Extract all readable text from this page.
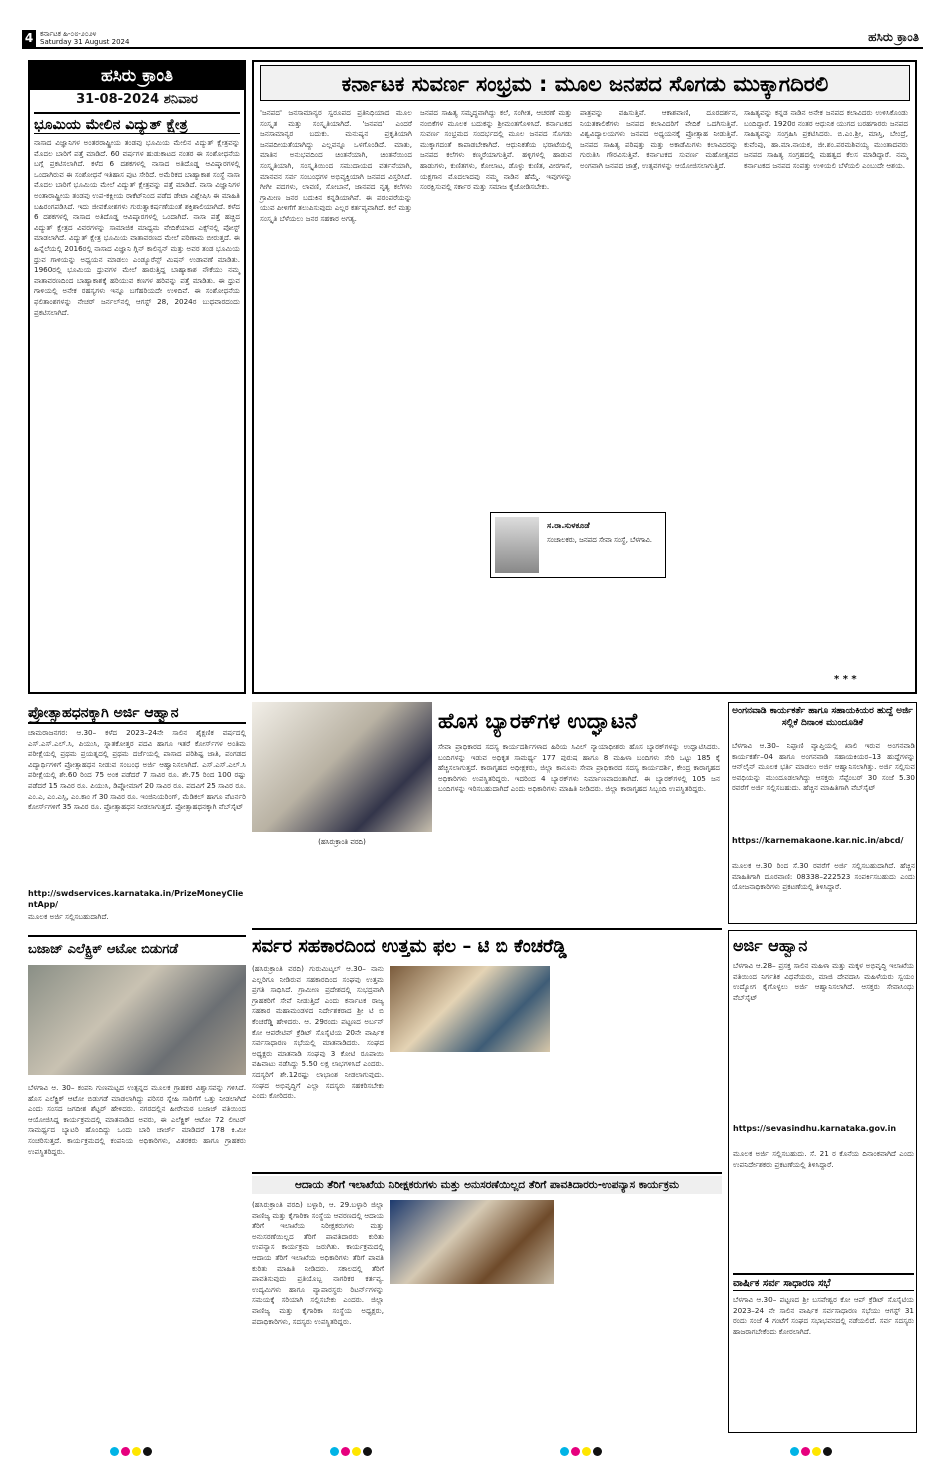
4 ಕರ್ನಾಟಕ ಹಿ-೦೮-೨೦೨೪
Saturday 31 August 2024	ಹಸಿರು ಕ್ರಾಂತಿ
ಹಸಿರು ಕ್ರಾಂತಿ
31-08-2024 ಶನಿವಾರ
ಭೂಮಿಯ ಮೇಲಿನ ವಿದ್ಯುತ್ ಕ್ಷೇತ್ರ
ನಾಸಾದ ವಿಜ್ಞಾನಿಗಳ ಅಂತರರಾಷ್ಟ್ರೀಯ ತಂಡವು ಭೂಮಿಯ ಮೇಲಿನ ವಿದ್ಯುತ್ ಕ್ಷೇತ್ರವನ್ನು ಮೊದಲ ಬಾರಿಗೆ ಪತ್ತೆ ಮಾಡಿದೆ. 60 ವರ್ಷಗಳ ಹುಡುಕಾಟದ ನಂತರ ಈ ಸಂಶೋಧನೆಯ ಬಗ್ಗೆ ಪ್ರಕಟಿಸಲಾಗಿದೆ. ಕಳೆದ 6 ದಶಕಗಳಲ್ಲಿ ನಾಸಾದ ಅತಿದೊಡ್ಡ ಆವಿಷ್ಕಾರಗಳಲ್ಲಿ ಒಂದಾಗಿರುವ ಈ ಸಂಶೋಧನೆ ಇತಿಹಾಸ ಪುಟ ಸೇರಿದೆ. ಅಮೆರಿಕದ ಬಾಹ್ಯಾಕಾಶ ಸಂಸ್ಥೆ ನಾಸಾ ಮೊದಲ ಬಾರಿಗೆ ಭೂಮಿಯ ಮೇಲೆ ವಿದ್ಯುತ್ ಕ್ಷೇತ್ರವನ್ನು ಪತ್ತೆ ಮಾಡಿದೆ. ನಾಸಾ ವಿಜ್ಞಾನಿಗಳ ಅಂತಾರಾಷ್ಟ್ರೀಯ ತಂಡವು ಉಪ-ಕಕ್ಷೀಯ ರಾಕೆಟ್‌ನಿಂದ ಪಡೆದ ಡೇಟಾ ವಿಶ್ಲೇಷಿಸಿ ಈ ಮಾಹಿತಿ ಬಹಿರಂಗಪಡಿಸಿದೆ. ಇದು ಜೀವಕೋಶಗಳು ಗುರುತ್ವಾಕರ್ಷಣೆಯಂತೆ ಶಕ್ತಿಶಾಲಿಯಾಗಿದೆ. ಕಳೆದ 6 ದಶಕಗಳಲ್ಲಿ ನಾಸಾದ ಅತಿದೊಡ್ಡ ಆವಿಷ್ಕಾರಗಳಲ್ಲಿ ಒಂದಾಗಿದೆ. ನಾಸಾ ಪತ್ತೆ ಹಚ್ಚಿದ ವಿದ್ಯುತ್ ಕ್ಷೇತ್ರದ ವಿವರಗಳನ್ನು ಸಾಮಾಜಿಕ ಮಾಧ್ಯಮ ವೇದಿಕೆಯಾದ ಎಕ್ಸ್‌ನಲ್ಲಿ ಪೋಸ್ಟ್ ಮಾಡಲಾಗಿದೆ. ವಿದ್ಯುತ್ ಕ್ಷೇತ್ರ ಭೂಮಿಯ ವಾತಾವರಣದ ಮೇಲೆ ಪರಿಣಾಮ ಬೀರುತ್ತದೆ. ಈ ಹಿನ್ನೆಲೆಯಲ್ಲಿ 2016ರಲ್ಲಿ ನಾಸಾದ ವಿಜ್ಞಾನಿ ಗ್ಲಿನ್ ಕಾಲಿನ್ಸನ್ ಮತ್ತು ಅವರ ತಂಡ ಭೂಮಿಯ ಧ್ರುವ ಗಾಳಿಯನ್ನು ಅಧ್ಯಯನ ಮಾಡಲು ಎಂಡ್ಯೂರೆನ್ಸ್ ಮಿಷನ್ ಉಡಾವಣೆ ಮಾಡಿತು. 1960ರಲ್ಲಿ ಭೂಮಿಯ ಧ್ರುವಗಳ ಮೇಲೆ ಹಾರುತ್ತಿದ್ದ ಬಾಹ್ಯಾಕಾಶ ನೌಕೆಯು ನಮ್ಮ ವಾತಾವರಣದಿಂದ ಬಾಹ್ಯಾಕಾಶಕ್ಕೆ ಹರಿಯುವ ಕಣಗಳ ಹರಿವನ್ನು ಪತ್ತೆ ಮಾಡಿತು. ಈ ಧ್ರುವ ಗಾಳಿಯಲ್ಲಿ ಅನೇಕ ರಹಸ್ಯಗಳು ಇನ್ನೂ ಬಗೆಹರಿಯದೇ ಉಳಿದಿವೆ. ಈ ಸಂಶೋಧನೆಯ ಫಲಿತಾಂಶಗಳನ್ನು ನೇಚರ್ ಜರ್ನಲ್‌ನಲ್ಲಿ ಆಗಸ್ಟ್ 28, 2024ರ ಬುಧವಾರದಂದು ಪ್ರಕಟಿಸಲಾಗಿದೆ.
ಕರ್ನಾಟಕ ಸುವರ್ಣ ಸಂಭ್ರಮ : ಮೂಲ ಜನಪದ ಸೊಗಡು ಮುಕ್ಕಾಗದಿರಲಿ
'ಜನಪದ' ಜನಸಾಮಾನ್ಯರ ಸ್ವರೂಪದ ಪ್ರತಿನಿಧಿಯಾದ ಮೂಲ ಸಂಸ್ಕೃತ ಮತ್ತು ಸಂಸ್ಕೃತಿಯಾಗಿದೆ. 'ಜನಪದ' ಎಂದರೆ ಜನಸಾಮಾನ್ಯರ ಬದುಕು. ಮನುಷ್ಯನ ಪ್ರಕೃತಿಯಾಗಿ ಜನಪದೀಯತೆಯಾಗಿದ್ದು ಎಲ್ಲವನ್ನೂ ಒಳಗೊಂಡಿದೆ. ಮಾತು, ಮಾತಿನ ಅನುಭವದಿಂದ ಚಿಂತನೆಯಾಗಿ, ಚಿಂತನೆಯಿಂದ ಸಂಸ್ಕೃತಿಯಾಗಿ, ಸಂಸ್ಕೃತಿಯಿಂದ ಸಮುದಾಯದ ವರ್ತನೆಯಾಗಿ, ಮಾನವನ ಸರ್ವ ಸಂಬಂಧಗಳ ಅಭಿವ್ಯಕ್ತಿಯಾಗಿ ಜನಪದ ವಿಸ್ತರಿಸಿದೆ. ಗೀಗೀ ಪದಗಳು, ಲಾವಣಿ, ಸೋಬಾನೆ, ಜಾನಪದ ನೃತ್ಯ ಕಲೆಗಳು ಗ್ರಾಮೀಣ ಜನರ ಬದುಕಿನ ಕನ್ನಡಿಯಾಗಿವೆ. ಈ ಪರಂಪರೆಯನ್ನು ಯುವ ಪೀಳಿಗೆಗೆ ತಲುಪಿಸುವುದು ಎಲ್ಲರ ಕರ್ತವ್ಯವಾಗಿದೆ. ಕಲೆ ಮತ್ತು ಸಂಸ್ಕೃತಿ ಬೆಳೆಯಲು ಜನರ ಸಹಕಾರ ಅಗತ್ಯ.
ಜನಪದ ಸಾಹಿತ್ಯ ಸಮೃದ್ಧವಾಗಿದ್ದು ಕಲೆ, ಸಂಗೀತ, ಆಚರಣೆ ಮತ್ತು ನಂಬಿಕೆಗಳ ಮೂಲಕ ಬದುಕನ್ನು ಶ್ರೀಮಂತಗೊಳಿಸಿದೆ. ಕರ್ನಾಟಕದ ಸುವರ್ಣ ಸಂಭ್ರಮದ ಸಂದರ್ಭದಲ್ಲಿ ಮೂಲ ಜನಪದ ಸೊಗಡು ಮುಕ್ಕಾಗದಂತೆ ಕಾಪಾಡಬೇಕಾಗಿದೆ. ಆಧುನಿಕತೆಯ ಭರಾಟೆಯಲ್ಲಿ ಜನಪದ ಕಲೆಗಳು ಕಣ್ಮರೆಯಾಗುತ್ತಿವೆ. ಹಳ್ಳಿಗಳಲ್ಲಿ ಹಾಡುವ ಹಾಡುಗಳು, ಕುಣಿತಗಳು, ಕೋಲಾಟ, ಡೊಳ್ಳು ಕುಣಿತ, ವೀರಗಾಸೆ, ಯಕ್ಷಗಾನ ಮೊದಲಾದವು ನಮ್ಮ ನಾಡಿನ ಹೆಮ್ಮೆ. ಇವುಗಳನ್ನು ಸಂರಕ್ಷಿಸುವಲ್ಲಿ ಸರ್ಕಾರ ಮತ್ತು ಸಮಾಜ ಕೈಜೋಡಿಸಬೇಕು.
ಪಾತ್ರವನ್ನು ವಹಿಸುತ್ತಿವೆ. ಆಕಾಶವಾಣಿ, ದೂರದರ್ಶನ, ನಿಯತಕಾಲಿಕೆಗಳು ಜನಪದ ಕಲಾವಿದರಿಗೆ ವೇದಿಕೆ ಒದಗಿಸುತ್ತಿವೆ. ವಿಶ್ವವಿದ್ಯಾಲಯಗಳು ಜನಪದ ಅಧ್ಯಯನಕ್ಕೆ ಪ್ರೋತ್ಸಾಹ ನೀಡುತ್ತಿವೆ. ಜನಪದ ಸಾಹಿತ್ಯ ಪರಿಷತ್ತು ಮತ್ತು ಅಕಾಡೆಮಿಗಳು ಕಲಾವಿದರನ್ನು ಗುರುತಿಸಿ ಗೌರವಿಸುತ್ತಿವೆ. ಕರ್ನಾಟಕದ ಸುವರ್ಣ ಮಹೋತ್ಸವದ ಅಂಗವಾಗಿ ಜನಪದ ಜಾತ್ರೆ, ಉತ್ಸವಗಳನ್ನು ಆಯೋಜಿಸಲಾಗುತ್ತಿದೆ.
ಸಾಹಿತ್ಯವನ್ನು ಕನ್ನಡ ನಾಡಿನ ಅನೇಕ ಜನಪದ ಕಲಾವಿದರು ಉಳಿಸಿಕೊಂಡು ಬಂದಿದ್ದಾರೆ. 1920ರ ನಂತರ ಆಧುನಿಕ ಯುಗದ ಬರಹಗಾರರು ಜನಪದ ಸಾಹಿತ್ಯವನ್ನು ಸಂಗ್ರಹಿಸಿ ಪ್ರಕಟಿಸಿದರು. ಬಿ.ಎಂ.ಶ್ರೀ, ಮಾಸ್ತಿ, ಬೇಂದ್ರೆ, ಕುವೆಂಪು, ಹಾ.ಮಾ.ನಾಯಕ, ಜೀ.ಶಂ.ಪರಮಶಿವಯ್ಯ ಮುಂತಾದವರು ಜನಪದ ಸಾಹಿತ್ಯ ಸಂಗ್ರಹದಲ್ಲಿ ಮಹತ್ವದ ಕೆಲಸ ಮಾಡಿದ್ದಾರೆ. ನಮ್ಮ ಕರ್ನಾಟಕದ ಜನಪದ ಸಂಪತ್ತು ಉಳಿಯಲಿ ಬೆಳೆಯಲಿ ಎಂಬುದೇ ಆಶಯ.
ಸ.ರಾ.ಸುಳಕೂಡೆ
ಸಂಚಾಲಕರು, ಜನಪದ ಸೇವಾ ಸಂಸ್ಥೆ, ಬೆಳಗಾವಿ.
* * *
ಪ್ರೋತ್ಸಾಹಧನಕ್ಕಾಗಿ ಅರ್ಜಿ ಆಹ್ವಾನ
ಚಾಮರಾಜನಗರ: ಆ.30– ಕಳೆದ 2023–24ನೇ ಸಾಲಿನ ಶೈಕ್ಷಣಿಕ ವರ್ಷದಲ್ಲಿ ಎಸ್.ಎಸ್.ಎಲ್.ಸಿ, ಪಿಯುಸಿ, ಸ್ನಾತಕೋತ್ತರ ಪದವಿ ಹಾಗೂ ಇತರೆ ಕೋರ್ಸ್‌ಗಳ ಅಂತಿಮ ಪರೀಕ್ಷೆಯಲ್ಲಿ ಪ್ರಥಮ ಪ್ರಯತ್ನದಲ್ಲಿ ಪ್ರಥಮ ದರ್ಜೆಯಲ್ಲಿ ಪಾಸಾದ ಪರಿಶಿಷ್ಟ ಜಾತಿ, ಪಂಗಡದ ವಿದ್ಯಾರ್ಥಿಗಳಿಗೆ ಪ್ರೋತ್ಸಾಹಧನ ನೀಡುವ ಸಂಬಂಧ ಅರ್ಜಿ ಆಹ್ವಾನಿಸಲಾಗಿದೆ. ಎಸ್.ಎಸ್.ಎಲ್.ಸಿ ಪರೀಕ್ಷೆಯಲ್ಲಿ ಶೇ.60 ರಿಂದ 75 ಅಂಕ ಪಡೆದರೆ 7 ಸಾವಿರ ರೂ. ಶೇ.75 ರಿಂದ 100 ರಷ್ಟು ಪಡೆದರೆ 15 ಸಾವಿರ ರೂ. ಪಿಯುಸಿ, ಡಿಪ್ಲೋಮಾಗೆ 20 ಸಾವಿರ ರೂ. ಪದವಿಗೆ 25 ಸಾವಿರ ರೂ. ಎಂ.ಎ, ಎಂ.ಎಸ್ಸಿ, ಎಂ.ಕಾಂ ಗೆ 30 ಸಾವಿರ ರೂ. ಇಂಜಿನಿಯರಿಂಗ್, ಮೆಡಿಕಲ್ ಹಾಗೂ ವೆಟರ್ನರಿ ಕೋರ್ಸ್‌ಗಳಿಗೆ 35 ಸಾವಿರ ರೂ. ಪ್ರೋತ್ಸಾಹಧನ ನೀಡಲಾಗುತ್ತದೆ. ಪ್ರೋತ್ಸಾಹಧನಕ್ಕಾಗಿ ವೆಬ್‌ಸೈಟ್
http://swdservices.karnataka.in/PrizeMoneyClientApp/
ಮೂಲಕ ಅರ್ಜಿ ಸಲ್ಲಿಸಬಹುದಾಗಿದೆ.
ಬಜಾಜ್ ಎಲೆಕ್ಟ್ರಿಕ್ ಆಟೋ ಬಿಡುಗಡೆ
ಬೆಳಗಾವಿ ಆ. 30– ಕಂಪನಿ ಗುಣಮಟ್ಟದ ಉತ್ಪನ್ನದ ಮೂಲಕ ಗ್ರಾಹಕರ ವಿಶ್ವಾಸವನ್ನು ಗಳಿಸಿದೆ. ಹೊಸ ಎಲೆಕ್ಟ್ರಿಕ್ ಆಟೋ ಬಿಡುಗಡೆ ಮಾಡಲಾಗಿದ್ದು ಪರಿಸರ ಸ್ನೇಹಿ ಸಾರಿಗೆಗೆ ಒತ್ತು ನೀಡಲಾಗಿದೆ ಎಂದು ಸಂಸದ ಜಗದೀಶ ಶೆಟ್ಟರ್ ಹೇಳಿದರು. ನಗರದಲ್ಲಿನ ಹೀರೇಮಠ ಬಜಾಜ್ ವತಿಯಿಂದ ಆಯೋಜಿಸಿದ್ದ ಕಾರ್ಯಕ್ರಮದಲ್ಲಿ ಮಾತನಾಡಿದ ಅವರು, ಈ ಎಲೆಕ್ಟ್ರಿಕ್ ಆಟೋ 72 ಲೀಟರ್ ಸಾಮರ್ಥ್ಯದ ಬ್ಯಾಟರಿ ಹೊಂದಿದ್ದು ಒಂದು ಬಾರಿ ಚಾರ್ಜ್ ಮಾಡಿದರೆ 178 ಕಿ.ಮೀ ಸಂಚರಿಸುತ್ತದೆ. ಕಾರ್ಯಕ್ರಮದಲ್ಲಿ ಕಂಪನಿಯ ಅಧಿಕಾರಿಗಳು, ವಿತರಕರು ಹಾಗೂ ಗ್ರಾಹಕರು ಉಪಸ್ಥಿತರಿದ್ದರು.
ಹೊಸ ಬ್ಯಾರಕ್‌ಗಳ ಉದ್ಘಾಟನೆ
(ಹಸಿರುಕ್ರಾಂತಿ ವರದಿ)
ಸೇವಾ ಪ್ರಾಧಿಕಾರದ ಸದಸ್ಯ ಕಾರ್ಯದರ್ಶಿಗಳಾದ ಹಿರಿಯ ಸಿವಿಲ್ ನ್ಯಾಯಾಧೀಶರು ಹೊಸ ಬ್ಯಾರಕ್‌ಗಳನ್ನು ಉದ್ಘಾಟಿಸಿದರು. ಬಂದಿಗಳನ್ನು ಇಡುವ ಅಧಿಕೃತ ಸಾಮರ್ಥ್ಯ 177 ಪುರುಷ ಹಾಗೂ 8 ಮಹಿಳಾ ಬಂದಿಗಳು ಸೇರಿ ಒಟ್ಟು 185 ಕ್ಕೆ ಹೆಚ್ಚಿಸಲಾಗುತ್ತದೆ. ಕಾರಾಗೃಹದ ಅಧೀಕ್ಷಕರು, ಜಿಲ್ಲಾ ಕಾನೂನು ಸೇವಾ ಪ್ರಾಧಿಕಾರದ ಸದಸ್ಯ ಕಾರ್ಯದರ್ಶಿ, ಕೇಂದ್ರ ಕಾರಾಗೃಹದ ಅಧಿಕಾರಿಗಳು ಉಪಸ್ಥಿತರಿದ್ದರು. ಇದರಿಂದ 4 ಬ್ಯಾರಕ್‌ಗಳು ನಿರ್ಮಾಣವಾದಂತಾಗಿದೆ. ಈ ಬ್ಯಾರಕ್‌ಗಳಲ್ಲಿ 105 ಜನ ಬಂದಿಗಳನ್ನು ಇರಿಸಬಹುದಾಗಿದೆ ಎಂದು ಅಧಿಕಾರಿಗಳು ಮಾಹಿತಿ ನೀಡಿದರು. ಜಿಲ್ಲಾ ಕಾರಾಗೃಹದ ಸಿಬ್ಬಂದಿ ಉಪಸ್ಥಿತರಿದ್ದರು.
ಅಂಗನವಾಡಿ ಕಾರ್ಯಕರ್ತೆ ಹಾಗೂ ಸಹಾಯಕಿಯರ ಹುದ್ದೆ ಅರ್ಜಿ ಸಲ್ಲಿಕೆ ದಿನಾಂಕ ಮುಂದೂಡಿಕೆ
ಬೆಳಗಾವಿ ಆ.30– ನಿಪ್ಪಾಣಿ ವ್ಯಾಪ್ತಿಯಲ್ಲಿ ಖಾಲಿ ಇರುವ ಅಂಗನವಾಡಿ ಕಾರ್ಯಕರ್ತೆ–04 ಹಾಗೂ ಅಂಗನವಾಡಿ ಸಹಾಯಕಿಯರ–13 ಹುದ್ದೆಗಳನ್ನು ಆನ್‌ಲೈನ್ ಮೂಲಕ ಭರ್ತಿ ಮಾಡಲು ಅರ್ಜಿ ಆಹ್ವಾನಿಸಲಾಗಿತ್ತು. ಅರ್ಜಿ ಸಲ್ಲಿಸುವ ಅವಧಿಯನ್ನು ಮುಂದೂಡಲಾಗಿದ್ದು ಆಸಕ್ತರು ಸೆಪ್ಟೆಂಬರ್ 30 ಸಂಜೆ 5.30 ರವರೆಗೆ ಅರ್ಜಿ ಸಲ್ಲಿಸಬಹುದು. ಹೆಚ್ಚಿನ ಮಾಹಿತಿಗಾಗಿ ವೆಬ್‌ಸೈಟ್
https://karnemakaone.kar.nic.in/abcd/
ಮೂಲಕ ಆ.30 ರಿಂದ ಸೆ.30 ರವರೆಗೆ ಅರ್ಜಿ ಸಲ್ಲಿಸಬಹುದಾಗಿದೆ. ಹೆಚ್ಚಿನ ಮಾಹಿತಿಗಾಗಿ ದೂರವಾಣಿ: 08338–222523 ಸಂಪರ್ಕಿಸಬಹುದು ಎಂದು ಯೋಜನಾಧಿಕಾರಿಗಳು ಪ್ರಕಟಣೆಯಲ್ಲಿ ತಿಳಿಸಿದ್ದಾರೆ.
ಸರ್ವರ ಸಹಕಾರದಿಂದ ಉತ್ತಮ ಫಲ – ಟಿ ಬಿ ಕೆಂಚರೆಡ್ಡಿ
(ಹಸಿರುಕ್ರಾಂತಿ ವರದಿ) ಗುರುಮಿಟ್ಕಲ್ ಆ.30– ನಾನು ಎಲ್ಲರಿಗೂ ನೀಡಿರುವ ಸಹಕಾರದಿಂದ ಸಂಘವು ಉತ್ತಮ ಪ್ರಗತಿ ಸಾಧಿಸಿದೆ. ಗ್ರಾಮೀಣ ಪ್ರದೇಶದಲ್ಲಿ ಸುಭದ್ರವಾಗಿ ಗ್ರಾಹಕರಿಗೆ ಸೇವೆ ನೀಡುತ್ತಿದೆ ಎಂದು ಕರ್ನಾಟಕ ರಾಜ್ಯ ಸಹಕಾರ ಮಹಾಮಂಡಳದ ನಿರ್ದೇಶಕರಾದ ಶ್ರೀ ಟಿ ಬಿ ಕೆಂಚರೆಡ್ಡಿ ಹೇಳಿದರು. ಆ. 29ರಂದು ಪಟ್ಟಣದ ಅರ್ಬನ್ ಕೋ ಆಪರೇಟಿವ್ ಕ್ರೆಡಿಟ್ ಸೊಸೈಟಿಯ 20ನೇ ವಾರ್ಷಿಕ ಸರ್ವಸಾಧಾರಣ ಸಭೆಯಲ್ಲಿ ಮಾತನಾಡಿದರು. ಸಂಘದ ಅಧ್ಯಕ್ಷರು ಮಾತನಾಡಿ ಸಂಘವು 3 ಕೋಟಿ ರೂಪಾಯಿ ವಹಿವಾಟು ನಡೆಸಿದ್ದು 5.50 ಲಕ್ಷ ಲಾಭಗಳಿಸಿದೆ ಎಂದರು. ಸದಸ್ಯರಿಗೆ ಶೇ.12ರಷ್ಟು ಲಾಭಾಂಶ ನೀಡಲಾಗುವುದು. ಸಂಘದ ಅಭಿವೃದ್ಧಿಗೆ ಎಲ್ಲಾ ಸದಸ್ಯರು ಸಹಕರಿಸಬೇಕು ಎಂದು ಕೋರಿದರು.
ಅರ್ಜಿ ಆಹ್ವಾನ
ಬೆಳಗಾವಿ ಆ.28– ಪ್ರಸಕ್ತ ಸಾಲಿನ ಮಹಿಳಾ ಮತ್ತು ಮಕ್ಕಳ ಅಭಿವೃದ್ಧಿ ಇಲಾಖೆಯ ವತಿಯಿಂದ ನಿರ್ಗತಿಕ ವಿಧವೆಯರು, ಮಾಜಿ ದೇವದಾಸಿ ಮಹಿಳೆಯರು ಸ್ವಯಂ ಉದ್ಯೋಗ ಕೈಗೊಳ್ಳಲು ಅರ್ಜಿ ಆಹ್ವಾನಿಸಲಾಗಿದೆ. ಆಸಕ್ತರು ಸೇವಾಸಿಂಧು ವೆಬ್‌ಸೈಟ್
https://sevasindhu.karnataka.gov.in
ಮೂಲಕ ಅರ್ಜಿ ಸಲ್ಲಿಸಬಹುದು. ಸೆ. 21 ರ ಕೊನೆಯ ದಿನಾಂಕವಾಗಿದೆ ಎಂದು ಉಪನಿರ್ದೇಶಕರು ಪ್ರಕಟಣೆಯಲ್ಲಿ ತಿಳಿಸಿದ್ದಾರೆ.
ವಾರ್ಷಿಕ ಸರ್ವ ಸಾಧಾರಣ ಸಭೆ
ಬೆಳಗಾವಿ ಆ.30– ಪಟ್ಟಣದ ಶ್ರೀ ಬಸವೇಶ್ವರ ಕೋ ಆಪ್ ಕ್ರೆಡಿಟ್ ಸೊಸೈಟಿಯ 2023–24 ನೇ ಸಾಲಿನ ವಾರ್ಷಿಕ ಸರ್ವಸಾಧಾರಣ ಸಭೆಯು ಆಗಸ್ಟ್ 31 ರಂದು ಸಂಜೆ 4 ಗಂಟೆಗೆ ಸಂಘದ ಸಭಾಭವನದಲ್ಲಿ ನಡೆಯಲಿದೆ. ಸರ್ವ ಸದಸ್ಯರು ಹಾಜರಾಗಬೇಕೆಂದು ಕೋರಲಾಗಿದೆ.
ಆದಾಯ ತೆರಿಗೆ ಇಲಾಖೆಯ ನಿರೀಕ್ಷಕರುಗಳು ಮತ್ತು ಅನುಸರಣೆಯಿಲ್ಲದ ತೆರಿಗೆ ಪಾವತಿದಾರರು-ಉಪನ್ಯಾಸ ಕಾರ್ಯಕ್ರಮ
(ಹಸಿರುಕ್ರಾಂತಿ ವರದಿ) ಬಳ್ಳಾರಿ, ಆ. 29.ಬಳ್ಳಾರಿ ಜಿಲ್ಲಾ ವಾಣಿಜ್ಯ ಮತ್ತು ಕೈಗಾರಿಕಾ ಸಂಸ್ಥೆಯ ಆವರಣದಲ್ಲಿ ಆದಾಯ ತೆರಿಗೆ ಇಲಾಖೆಯ ನಿರೀಕ್ಷಕರುಗಳು ಮತ್ತು ಅನುಸರಣೆಯಿಲ್ಲದ ತೆರಿಗೆ ಪಾವತಿದಾರರು ಕುರಿತು ಉಪನ್ಯಾಸ ಕಾರ್ಯಕ್ರಮ ಜರುಗಿತು. ಕಾರ್ಯಕ್ರಮದಲ್ಲಿ ಆದಾಯ ತೆರಿಗೆ ಇಲಾಖೆಯ ಅಧಿಕಾರಿಗಳು ತೆರಿಗೆ ಪಾವತಿ ಕುರಿತು ಮಾಹಿತಿ ನೀಡಿದರು. ಸಕಾಲದಲ್ಲಿ ತೆರಿಗೆ ಪಾವತಿಸುವುದು ಪ್ರತಿಯೊಬ್ಬ ನಾಗರಿಕರ ಕರ್ತವ್ಯ. ಉದ್ಯಮಿಗಳು ಹಾಗೂ ವ್ಯಾಪಾರಸ್ಥರು ರಿಟರ್ನ್‌ಗಳನ್ನು ಸಮಯಕ್ಕೆ ಸರಿಯಾಗಿ ಸಲ್ಲಿಸಬೇಕು ಎಂದರು. ಜಿಲ್ಲಾ ವಾಣಿಜ್ಯ ಮತ್ತು ಕೈಗಾರಿಕಾ ಸಂಸ್ಥೆಯ ಅಧ್ಯಕ್ಷರು, ಪದಾಧಿಕಾರಿಗಳು, ಸದಸ್ಯರು ಉಪಸ್ಥಿತರಿದ್ದರು.
